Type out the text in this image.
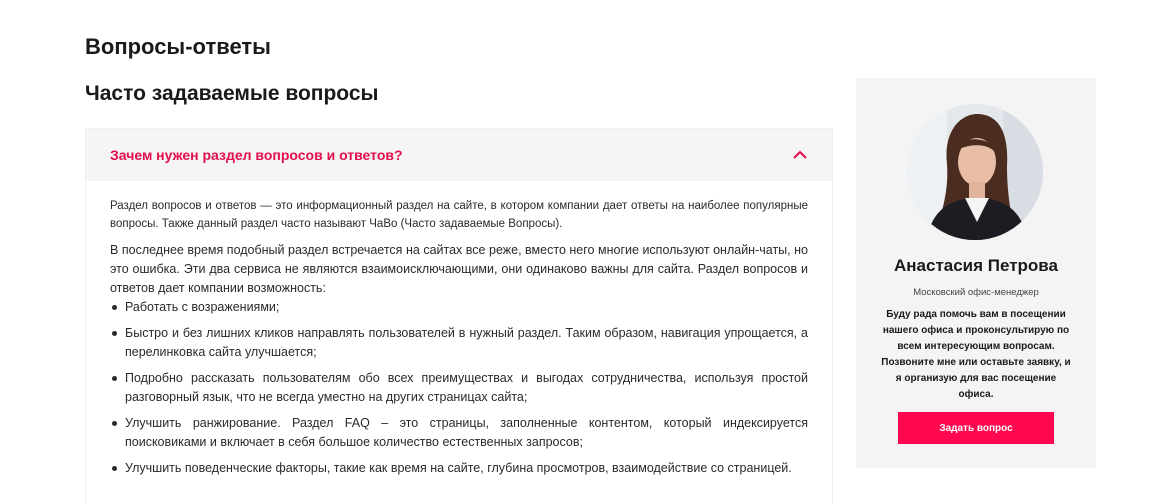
Вопросы-ответы
Часто задаваемые вопросы
Зачем нужен раздел вопросов и ответов?

Раздел вопросов и ответов — это информационный раздел на сайте, в котором компании дает ответы на наиболее популярные вопросы. Также данный раздел часто называют ЧаВо (Часто задаваемые Вопросы).

В последнее время подобный раздел встречается на сайтах все реже, вместо него многие используют онлайн-чаты, но это ошибка. Эти два сервиса не являются взаимоисключающими, они одинаково важны для сайта. Раздел вопросов и ответов дает компании возможность:

Работать с возражениями;
Быстро и без лишних кликов направлять пользователей в нужный раздел. Таким образом, навигация упрощается, а перелинковка сайта улучшается;
Подробно рассказать пользователям обо всех преимуществах и выгодах сотрудничества, используя простой разговорный язык, что не всегда уместно на других страницах сайта;
Улучшить ранжирование. Раздел FAQ – это страницы, заполненные контентом, который индексируется поисковиками и включает в себя большое количество естественных запросов;
Улучшить поведенческие факторы, такие как время на сайте, глубина просмотров, взаимодействие со страницей.
Анастасия Петрова
Московский офис-менеджер
Буду рада помочь вам в посещении нашего офиса и проконсультирую по всем интересующим вопросам. Позвоните мне или оставьте заявку, и я организую для вас посещение офиса.
Задать вопрос
